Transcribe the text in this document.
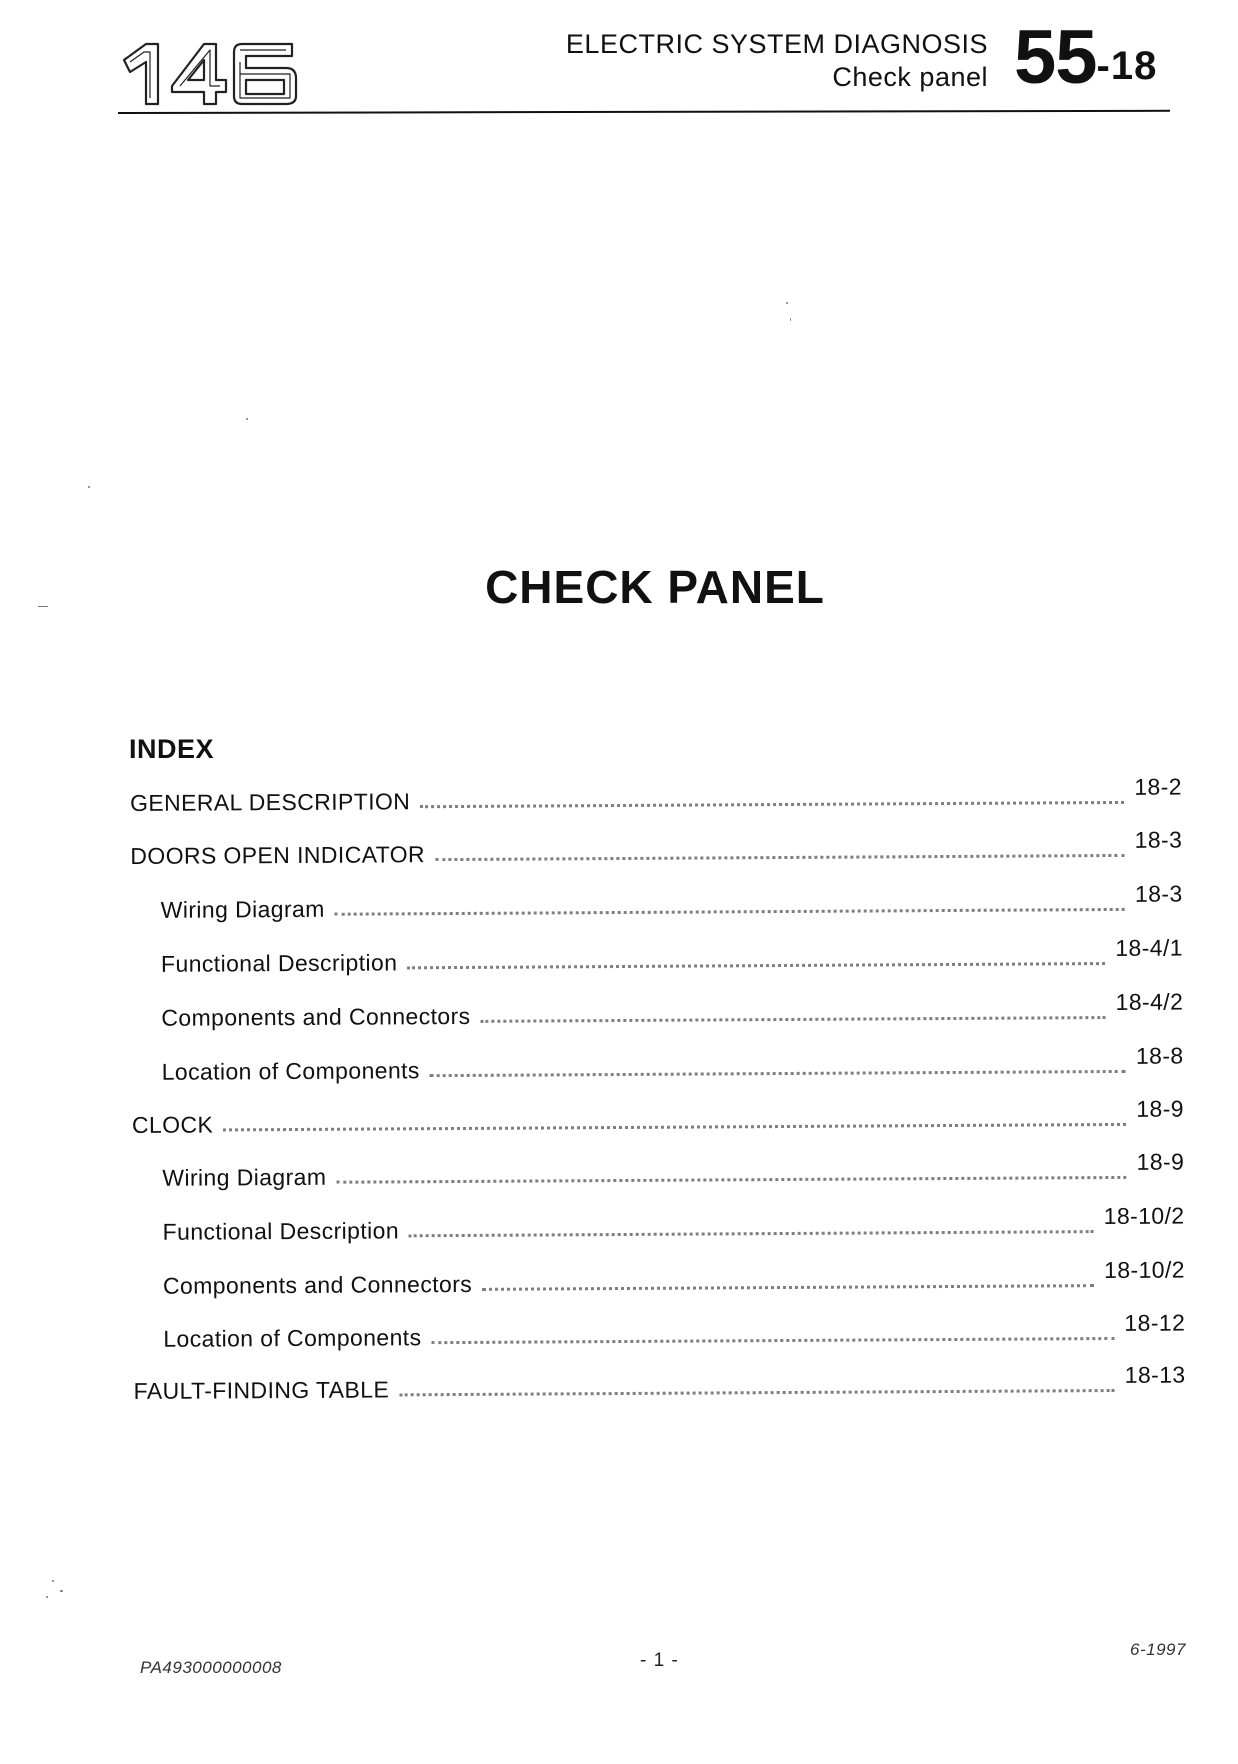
146	ELECTRIC SYSTEM DIAGNOSIS
Check panel 55-18
CHECK PANEL
INDEX
GENERAL DESCRIPTION
18-2
DOORS OPEN INDICATOR
18-3
Wiring Diagram
18-3
Functional Description
18-4/1
Components and Connectors
18-4/2
Location of Components
18-8
CLOCK
18-9
Wiring Diagram
18-9
Functional Description
18-10/2
Components and Connectors
18-10/2
Location of Components
18-12
FAULT-FINDING TABLE
18-13
PA493000000008	- 1 -
6-1997
